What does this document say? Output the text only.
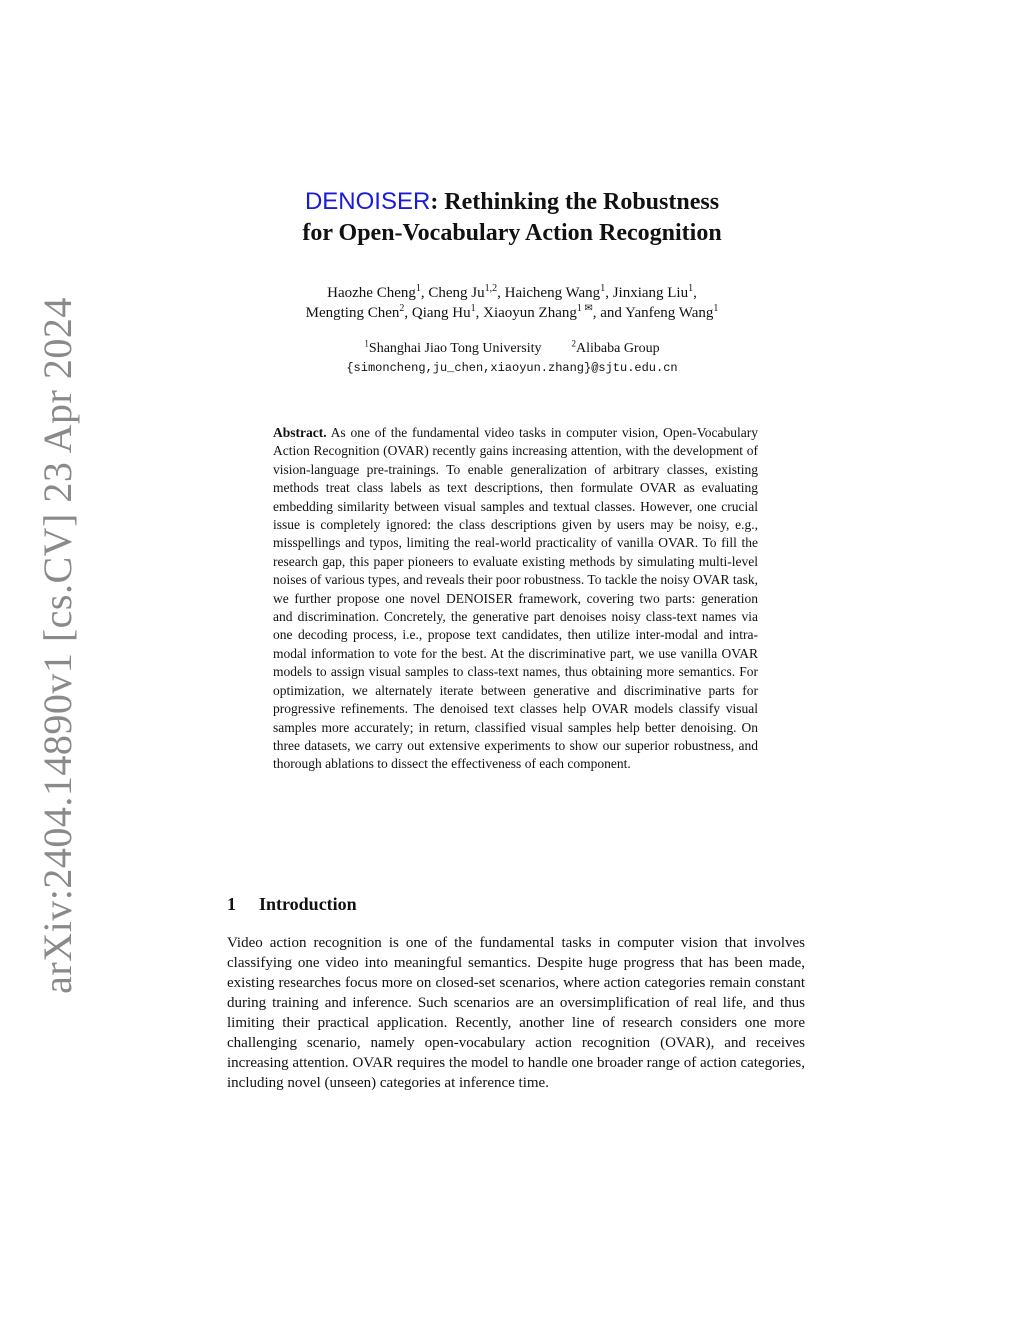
arXiv:2404.14890v1 [cs.CV] 23 Apr 2024
DENOISER: Rethinking the Robustness
for Open-Vocabulary Action Recognition
Haozhe Cheng$^1$, Cheng Ju$^{1,2}$, Haicheng Wang$^1$, Jinxiang Liu$^1$,
Mengting Chen$^2$, Qiang Hu$^1$, Xiaoyun Zhang$^{1 ✉}$, and Yanfeng Wang$^1$
$^1$Shanghai Jiao Tong University	$^2$Alibaba Group
{simoncheng,ju_chen,xiaoyun.zhang}@sjtu.edu.cn
Abstract. As one of the fundamental video tasks in computer vision, Open-Vocabulary Action Recognition (OVAR) recently gains increasing attention, with the development of vision-language pre-trainings. To enable generalization of arbitrary classes, existing methods treat class labels as text descriptions, then formulate OVAR as evaluating embedding similarity between visual samples and textual classes. However, one crucial issue is completely ignored: the class descriptions given by users may be noisy, e.g., misspellings and typos, limiting the real-world practicality of vanilla OVAR. To fill the research gap, this paper pioneers to evaluate existing methods by simulating multi-level noises of various types, and reveals their poor robustness. To tackle the noisy OVAR task, we further propose one novel DENOISER framework, covering two parts: generation and discrimination. Concretely, the generative part denoises noisy class-text names via one decoding process, i.e., propose text candidates, then utilize inter-modal and intra-modal information to vote for the best. At the discriminative part, we use vanilla OVAR models to assign visual samples to class-text names, thus obtaining more semantics. For optimization, we alternately iterate between generative and discriminative parts for progressive refinements. The denoised text classes help OVAR models classify visual samples more accurately; in return, classified visual samples help better denoising. On three datasets, we carry out extensive experiments to show our superior robustness, and thorough ablations to dissect the effectiveness of each component.
1 Introduction
Video action recognition is one of the fundamental tasks in computer vision that involves classifying one video into meaningful semantics. Despite huge progress that has been made, existing researches focus more on closed-set scenarios, where action categories remain constant during training and inference. Such scenarios are an oversimplification of real life, and thus limiting their practical application. Recently, another line of research considers one more challenging scenario, namely open-vocabulary action recognition (OVAR), and receives increasing attention. OVAR requires the model to handle one broader range of action categories, including novel (unseen) categories at inference time.
